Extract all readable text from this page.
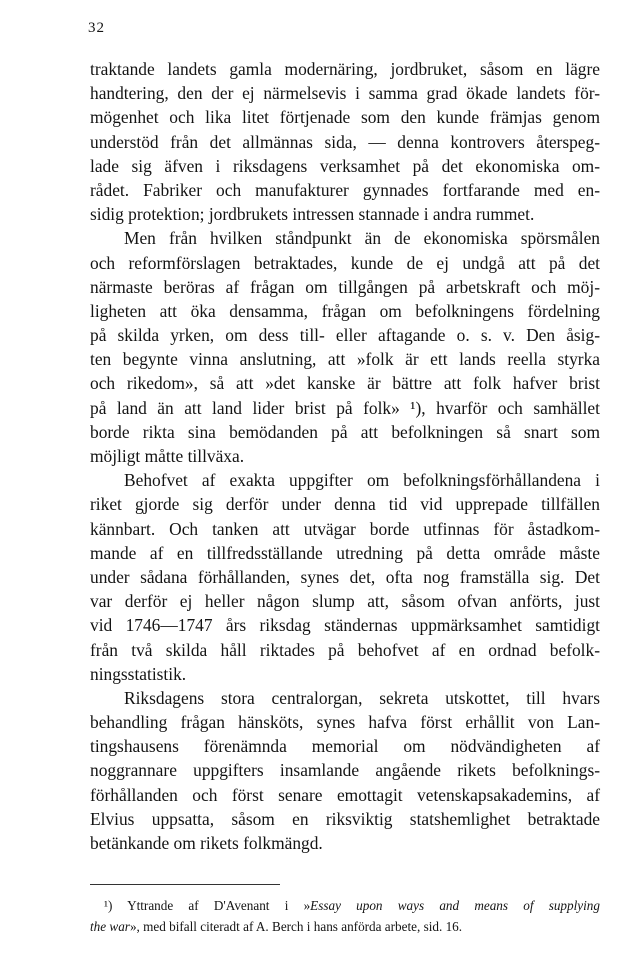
32
traktande landets gamla modernäring, jordbruket, såsom en lägre
handtering, den der ej närmelsevis i samma grad ökade landets för-
mögenhet och lika litet förtjenade som den kunde främjas genom
understöd från det allmännas sida, — denna kontrovers återspeg-
lade sig äfven i riksdagens verksamhet på det ekonomiska om-
rådet. Fabriker och manufakturer gynnades fortfarande med en-
sidig protektion; jordbrukets intressen stannade i andra rummet.
Men från hvilken ståndpunkt än de ekonomiska spörsmålen
och reformförslagen betraktades, kunde de ej undgå att på det
närmaste beröras af frågan om tillgången på arbetskraft och möj-
ligheten att öka densamma, frågan om befolkningens fördelning
på skilda yrken, om dess till- eller aftagande o. s. v. Den åsig-
ten begynte vinna anslutning, att »folk är ett lands reella styrka
och rikedom», så att »det kanske är bättre att folk hafver brist
på land än att land lider brist på folk» ¹), hvarför och samhället
borde rikta sina bemödanden på att befolkningen så snart som
möjligt måtte tillväxa.
Behofvet af exakta uppgifter om befolkningsförhållandena i
riket gjorde sig derför under denna tid vid upprepade tillfällen
kännbart. Och tanken att utvägar borde utfinnas för åstadkom-
mande af en tillfredsställande utredning på detta område måste
under sådana förhållanden, synes det, ofta nog framställa sig. Det
var derför ej heller någon slump att, såsom ofvan anförts, just
vid 1746—1747 års riksdag ständernas uppmärksamhet samtidigt
från två skilda håll riktades på behofvet af en ordnad befolk-
ningsstatistik.
Riksdagens stora centralorgan, sekreta utskottet, till hvars
behandling frågan hänsköts, synes hafva först erhållit von Lan-
tingshausens förenämnda memorial om nödvändigheten af
noggrannare uppgifters insamlande angående rikets befolknings-
förhållanden och först senare emottagit vetenskapsakademins, af
Elvius uppsatta, såsom en riksviktig statshemlighet betraktade
betänkande om rikets folkmängd.
¹) Yttrande af D'Avenant i »Essay upon ways and means of supplying
the war», med bifall citeradt af A. Berch i hans anförda arbete, sid. 16.
